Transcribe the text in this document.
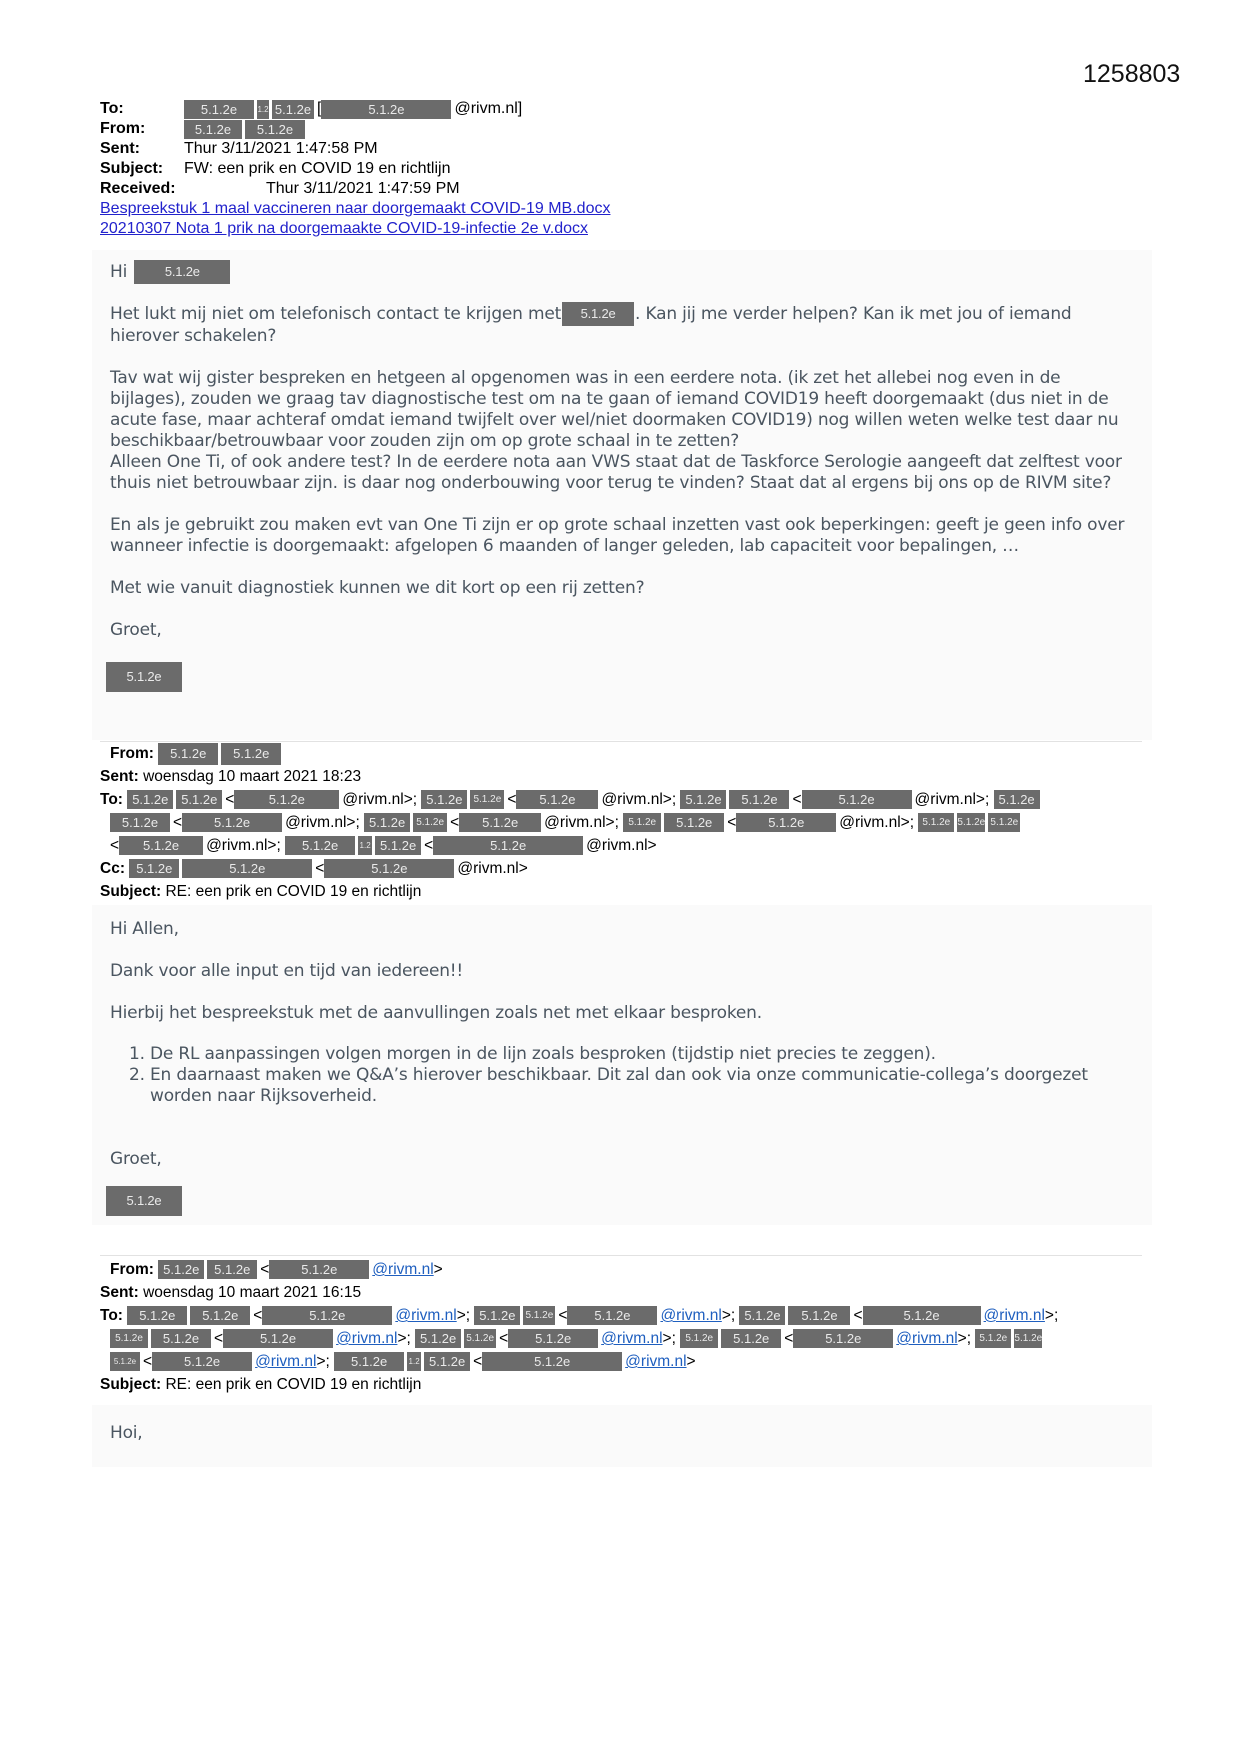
1258803
To:	5.1.2e	1.2 5.1.2e [	5.1.2e	@rivm.nl]
From:	5.1.2e	5.1.2e
Sent:	Thur 3/11/2021 1:47:58 PM
Subject:	FW: een prik en COVID 19 en richtlijn
Received:	Thur 3/11/2021 1:47:59 PM
Bespreekstuk 1 maal vaccineren naar doorgemaakt COVID-19 MB.docx
20210307 Nota 1 prik na doorgemaakte COVID-19-infectie 2e v.docx

Hi	5.1.2e

Het lukt mij niet om telefonisch contact te krijgen met 5.1.2e . Kan jij me verder helpen? Kan ik met jou of iemand hierover schakelen?

Tav wat wij gister bespreken en hetgeen al opgenomen was in een eerdere nota. (ik zet het allebei nog even in de bijlages), zouden we graag tav diagnostische test om na te gaan of iemand COVID19 heeft doorgemaakt (dus niet in de acute fase, maar achteraf omdat iemand twijfelt over wel/niet doormaken COVID19) nog willen weten welke test daar nu beschikbaar/betrouwbaar voor zouden zijn om op grote schaal in te zetten?

Alleen One Ti, of ook andere test? In de eerdere nota aan VWS staat dat de Taskforce Serologie aangeeft dat zelftest voor thuis niet betrouwbaar zijn. is daar nog onderbouwing voor terug te vinden? Staat dat al ergens bij ons op de RIVM site?

En als je gebruikt zou maken evt van One Ti zijn er op grote schaal inzetten vast ook beperkingen: geeft je geen info over wanneer infectie is doorgemaakt: afgelopen 6 maanden of langer geleden, lab capaciteit voor bepalingen, …

Met wie vanuit diagnostiek kunnen we dit kort op een rij zetten?

Groet,

5.1.2e

From: 5.1.2e 5.1.2e
Sent: woensdag 10 maart 2021 18:23
To: 5.1.2e 5.1.2e <	5.1.2e @rivm.nl>; 5.1.2e 5.1.2e < 5.1.2e @rivm.nl>; 5.1.2e 5.1.2e <	5.1.2e	@rivm.nl>; 5.1.2e
5.1.2e < 5.1.2e @rivm.nl>; 5.1.2e 5.1.2e < 5.1.2e @rivm.nl>; 5.1.2e 5.1.2e < 5.1.2e @rivm.nl>; 5.1.2e 5.1.2e 5.1.2e
< 5.1.2e @rivm.nl>; 5.1.2e	1.2 5.1.2e <	5.1.2e	@rivm.nl>
Cc: 5.1.2e	5.1.2e	<	5.1.2e	@rivm.nl>
Subject: RE: een prik en COVID 19 en richtlijn

Hi Allen,

Dank voor alle input en tijd van iedereen!!

Hierbij het bespreekstuk met de aanvullingen zoals net met elkaar besproken.

1. De RL aanpassingen volgen morgen in de lijn zoals besproken (tijdstip niet precies te zeggen).
2. En daarnaast maken we Q&A’s hierover beschikbaar. Dit zal dan ook via onze communicatie-collega’s doorgezet worden naar Rijksoverheid.

Groet,

5.1.2e

From: 5.1.2e 5.1.2e < 5.1.2e @rivm.nl>
Sent: woensdag 10 maart 2021 16:15
To: 5.1.2e 5.1.2e <	5.1.2e	@rivm.nl>; 5.1.2e 5.1.2e < 5.1.2e @rivm.nl>; 5.1.2e 5.1.2e <	5.1.2e	@rivm.nl>;
5.1.2e 5.1.2e <	5.1.2e	@rivm.nl>; 5.1.2e 5.1.2e < 5.1.2e @rivm.nl>; 5.1.2e 5.1.2e < 5.1.2e @rivm.nl>; 5.1.2e 5.1.2e
5.1.2e < 5.1.2e @rivm.nl>; 5.1.2e	1.2 5.1.2e <	5.1.2e	@rivm.nl>
Subject: RE: een prik en COVID 19 en richtlijn

Hoi,
